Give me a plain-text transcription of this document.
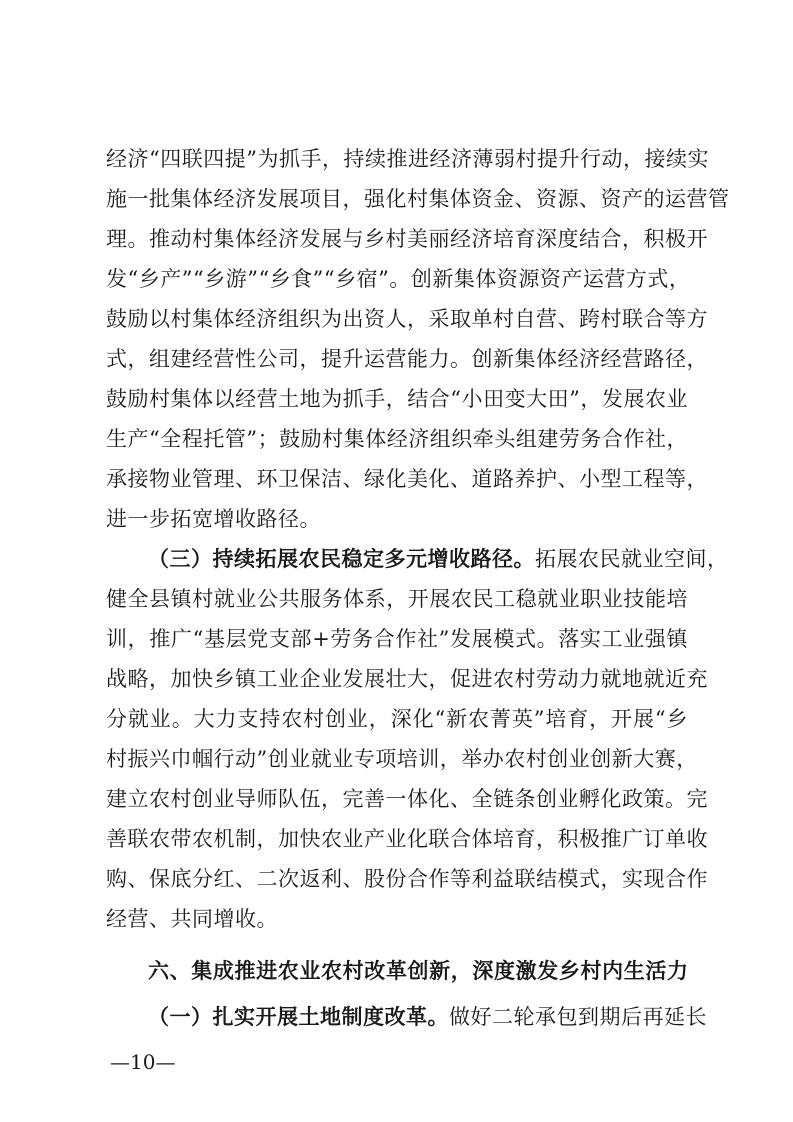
经济“四联四提”为抓手，持续推进经济薄弱村提升行动，接续实
施一批集体经济发展项目，强化村集体资金、资源、资产的运营管
理。推动村集体经济发展与乡村美丽经济培育深度结合，积极开
发“乡产”“乡游”“乡食”“乡宿”。创新集体资源资产运营方式，
鼓励以村集体经济组织为出资人，采取单村自营、跨村联合等方
式，组建经营性公司，提升运营能力。创新集体经济经营路径，
鼓励村集体以经营土地为抓手，结合“小田变大田”，发展农业
生产“全程托管”；鼓励村集体经济组织牵头组建劳务合作社，
承接物业管理、环卫保洁、绿化美化、道路养护、小型工程等，
进一步拓宽增收路径。
（三）持续拓展农民稳定多元增收路径。拓展农民就业空间，
健全县镇村就业公共服务体系，开展农民工稳就业职业技能培
训，推广“基层党支部+劳务合作社”发展模式。落实工业强镇
战略，加快乡镇工业企业发展壮大，促进农村劳动力就地就近充
分就业。大力支持农村创业，深化“新农菁英”培育，开展“乡
村振兴巾帼行动”创业就业专项培训，举办农村创业创新大赛，
建立农村创业导师队伍，完善一体化、全链条创业孵化政策。完
善联农带农机制，加快农业产业化联合体培育，积极推广订单收
购、保底分红、二次返利、股份合作等利益联结模式，实现合作
经营、共同增收。
六、集成推进农业农村改革创新，深度激发乡村内生活力
（一）扎实开展土地制度改革。做好二轮承包到期后再延长
—10—
